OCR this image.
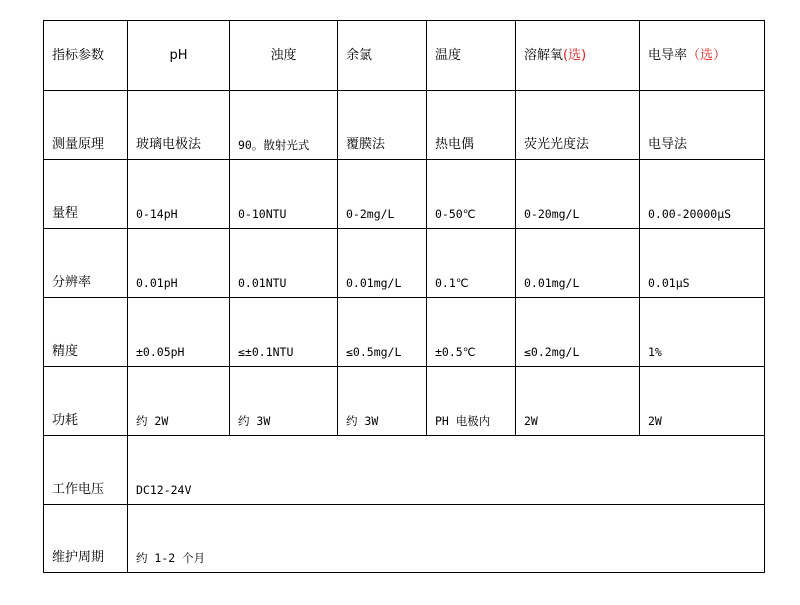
指标参数	pH	浊度	余氯	温度	溶解氧(选)	电导率（选）
测量原理	玻璃电极法	90。散射光式	覆膜法	热电偶	荧光光度法	电导法
量程	0-14pH	0-10NTU	0-2mg/L	0-50℃	0-20mg/L	0.00-20000μS
分辨率	0.01pH	0.01NTU	0.01mg/L	0.1℃	0.01mg/L	0.01μS
精度	±0.05pH	≤±0.1NTU	≤0.5mg/L	±0.5℃	≤0.2mg/L	1%
功耗	约 2W	约 3W	约 3W	PH 电极内	2W	2W
工作电压	DC12-24V					
维护周期	约 1-2 个月					
